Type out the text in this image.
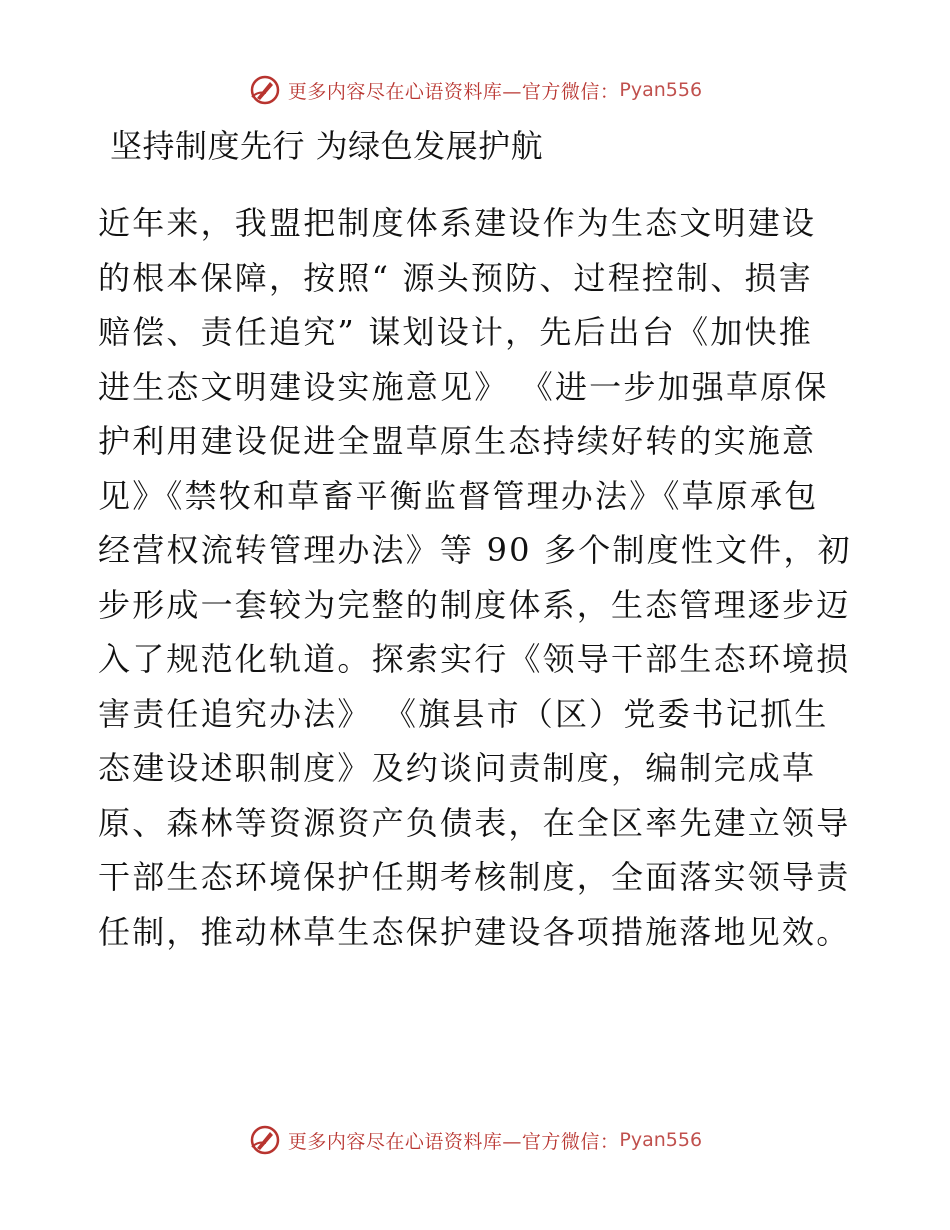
更多内容尽在心语资料库—官方微信： Pyan556
坚持制度先行 为绿色发展护航
近年来，我盟把制度体系建设作为生态文明建设
的根本保障，按照“ 源头预防、过程控制、损害
赔偿、责任追究” 谋划设计，先后出台《加快推
进生态文明建设实施意见》 《进一步加强草原保
护利用建设促进全盟草原生态持续好转的实施意
见》《禁牧和草畜平衡监督管理办法》《草原承包
经营权流转管理办法》等 90 多个制度性文件，初
步形成一套较为完整的制度体系，生态管理逐步迈
入了规范化轨道。探索实行《领导干部生态环境损
害责任追究办法》 《旗县市（区）党委书记抓生
态建设述职制度》及约谈问责制度，编制完成草
原、森林等资源资产负债表，在全区率先建立领导
干部生态环境保护任期考核制度，全面落实领导责
任制，推动林草生态保护建设各项措施落地见效。
更多内容尽在心语资料库—官方微信： Pyan556
